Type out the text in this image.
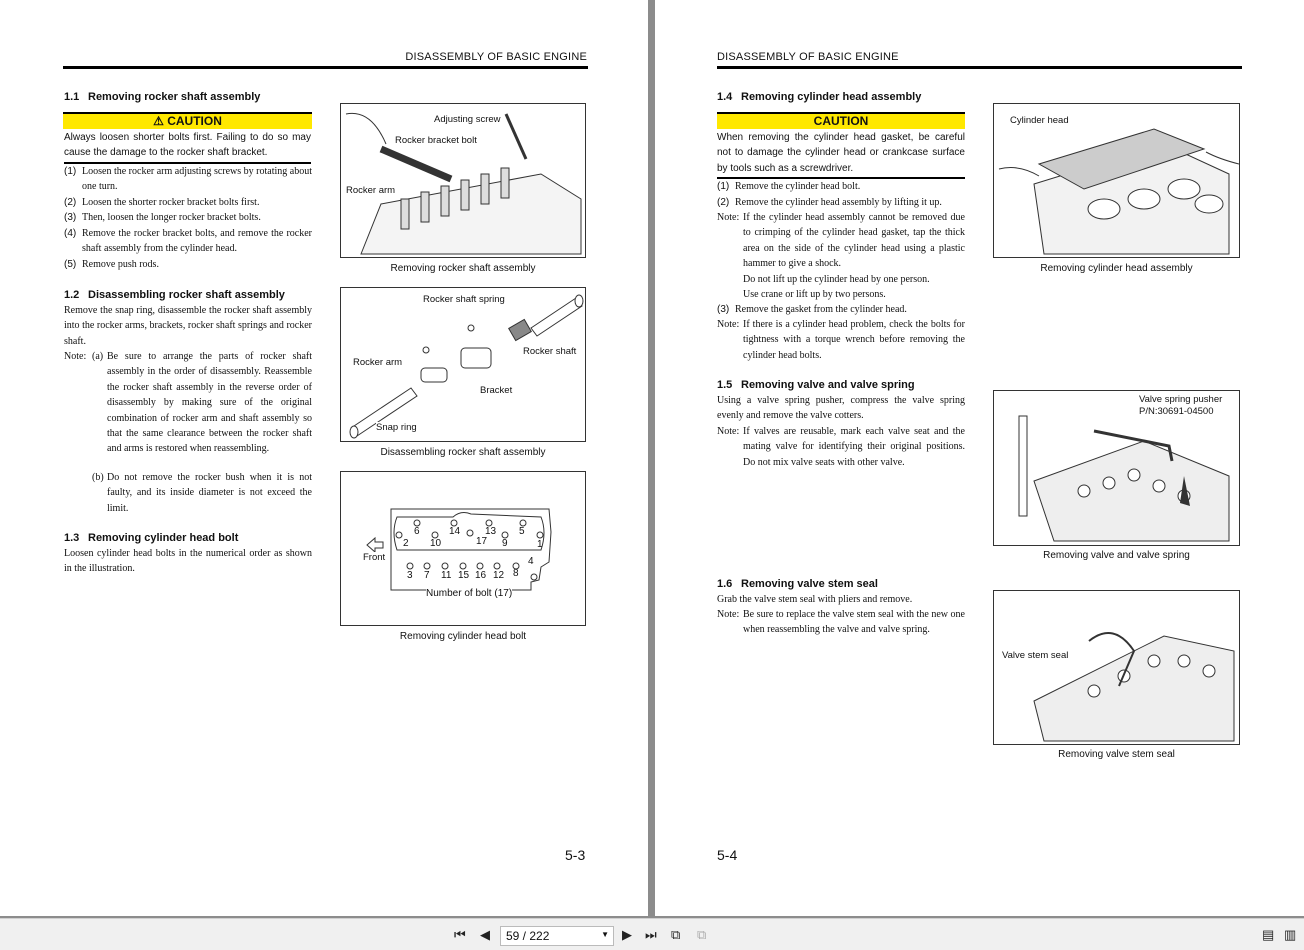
DISASSEMBLY OF BASIC ENGINE
1.1 Removing rocker shaft assembly
⚠ CAUTION
Always loosen shorter bolts first. Failing to do so may
cause the damage to the rocker shaft bracket.
(1) Loosen the rocker arm adjusting screws by rotating about one turn.
(2) Loosen the shorter rocker bracket bolts first.
(3) Then, loosen the longer rocker bracket bolts.
(4) Remove the rocker bracket bolts, and remove the rocker shaft assembly from the cylinder head.
(5) Remove push rods.
1.2 Disassembling rocker shaft assembly
Remove the snap ring, disassemble the rocker shaft assembly into the rocker arms, brackets, rocker shaft springs and rocker shaft.
Note: (a) Be sure to arrange the parts of rocker shaft assembly in the order of disassembly. Reassemble the rocker shaft assembly in the reverse order of disassembly by making sure of the original combination of rocker arm and shaft assembly so that the same clearance between the rocker shaft and arms is restored when reassembling.
(b) Do not remove the rocker bush when it is not faulty, and its inside diameter is not exceed the limit.
1.3 Removing cylinder head bolt
Loosen cylinder head bolts in the numerical order as shown in the illustration.
Adjusting screw
Rocker bracket bolt
Rocker arm
Removing rocker shaft assembly
Rocker shaft spring
Rocker shaft
Rocker arm
Bracket
Snap ring
Disassembling rocker shaft assembly
1
2
3
4
5
6
7	8
9
10
11	12
13
14
15 16
17
Front
Number of bolt (17)
Removing cylinder head bolt
5-3
DISASSEMBLY OF BASIC ENGINE
1.4 Removing cylinder head assembly
CAUTION
When removing the cylinder head gasket, be careful
not to damage the cylinder head or crankcase surface
by tools such as a screwdriver.
(1) Remove the cylinder head bolt.
(2) Remove the cylinder head assembly by lifting it up.
Note: If the cylinder head assembly cannot be removed due to crimping of the cylinder head gasket, tap the thick area on the side of the cylinder head using a plastic hammer to give a shock.
Do not lift up the cylinder head by one person.
Use crane or lift up by two persons.
(3) Remove the gasket from the cylinder head.
Note: If there is a cylinder head problem, check the bolts for tightness with a torque wrench before removing the cylinder head bolts.
1.5 Removing valve and valve spring
Using a valve spring pusher, compress the valve spring evenly and remove the valve cotters.
Note: If valves are reusable, mark each valve seat and the mating valve for identifying their original positions. Do not mix valve seats with other valve.
1.6 Removing valve stem seal
Grab the valve stem seal with pliers and remove.
Note: Be sure to replace the valve stem seal with the new one when reassembling the valve and valve spring.
Cylinder head
Removing cylinder head assembly
Valve spring pusher
P/N:30691-04500
Removing valve and valve spring
Valve stem seal
Removing valve stem seal
5-4
⏮ ◀	59 / 222	▼ ▶ ⏭ ⧉ ⧉	▤ ▥
